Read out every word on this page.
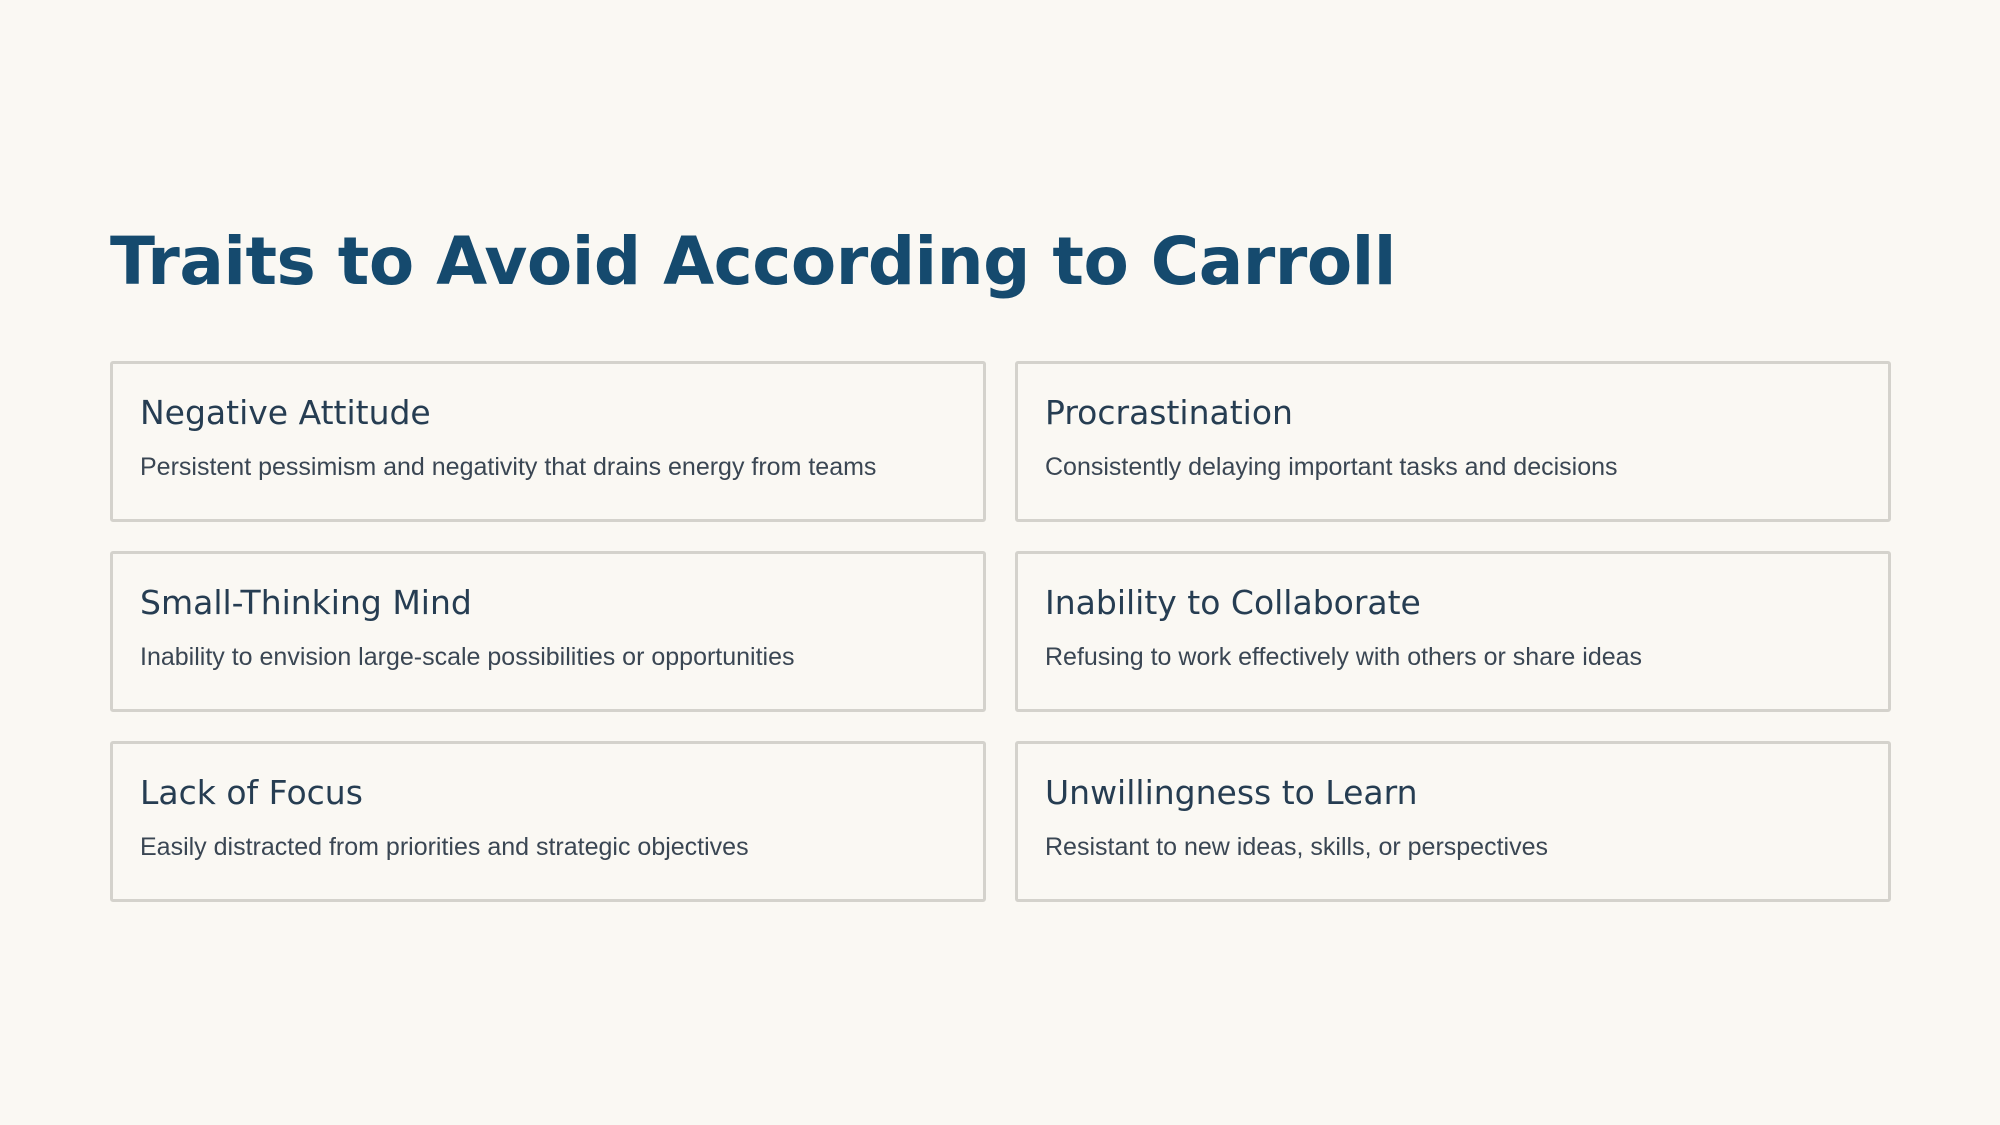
Traits to Avoid According to Carroll
Negative Attitude
Persistent pessimism and negativity that drains energy from teams
Procrastination
Consistently delaying important tasks and decisions
Small-Thinking Mind
Inability to envision large-scale possibilities or opportunities
Inability to Collaborate
Refusing to work effectively with others or share ideas
Lack of Focus
Easily distracted from priorities and strategic objectives
Unwillingness to Learn
Resistant to new ideas, skills, or perspectives
